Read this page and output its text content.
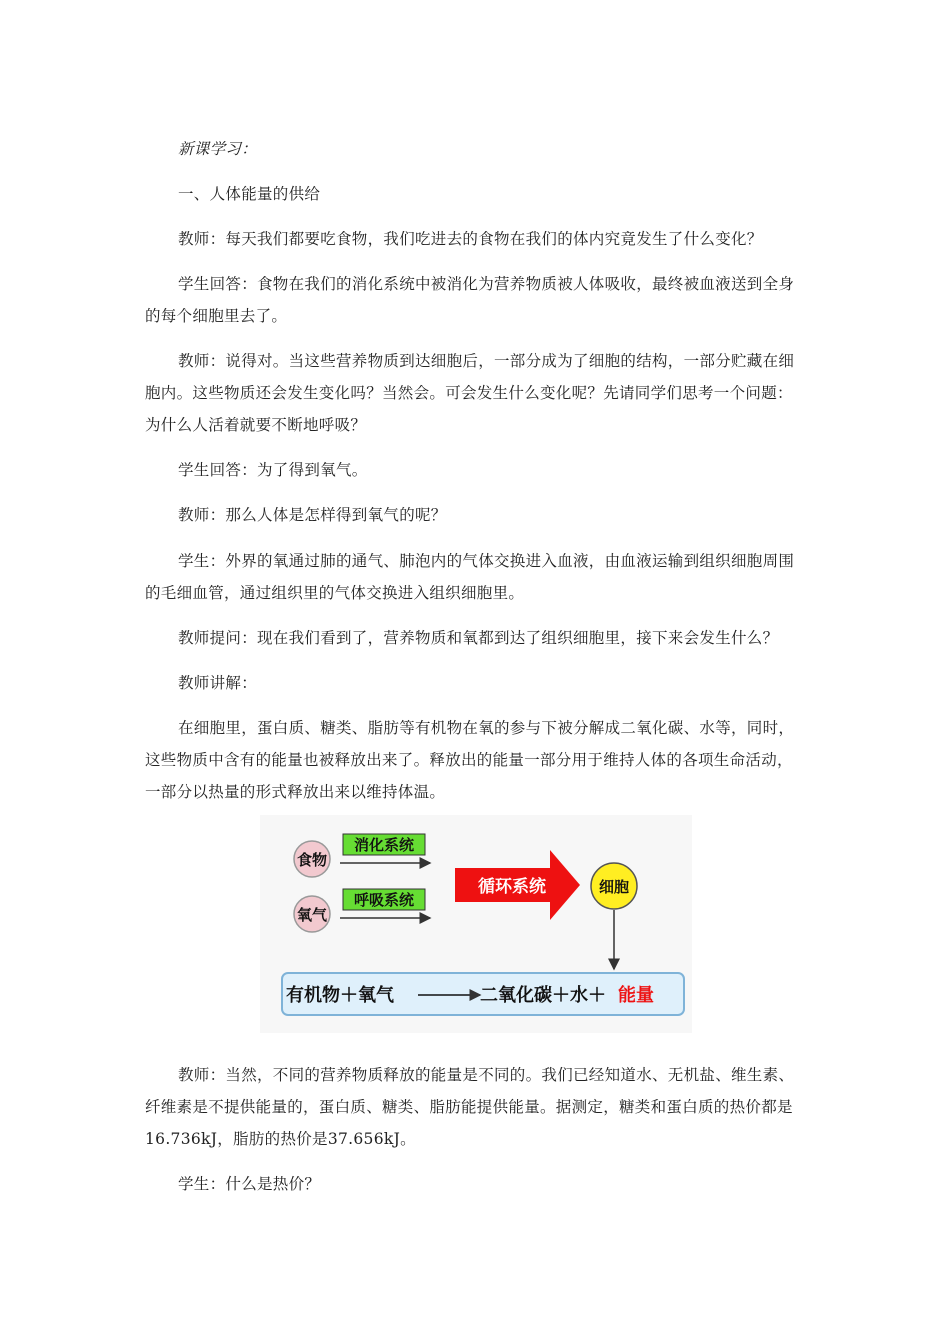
新课学习：

一、人体能量的供给

教师：每天我们都要吃食物，我们吃进去的食物在我们的体内究竟发生了什么变化？

学生回答：食物在我们的消化系统中被消化为营养物质被人体吸收，最终被血液送到全身的每个细胞里去了。

教师：说得对。当这些营养物质到达细胞后，一部分成为了细胞的结构，一部分贮藏在细胞内。这些物质还会发生变化吗？当然会。可会发生什么变化呢？先请同学们思考一个问题：为什么人活着就要不断地呼吸？

学生回答：为了得到氧气。

教师：那么人体是怎样得到氧气的呢？

学生：外界的氧通过肺的通气、肺泡内的气体交换进入血液，由血液运输到组织细胞周围的毛细血管，通过组织里的气体交换进入组织细胞里。

教师提问：现在我们看到了，营养物质和氧都到达了组织细胞里，接下来会发生什么？

教师讲解：

在细胞里，蛋白质、糖类、脂肪等有机物在氧的参与下被分解成二氧化碳、水等，同时，这些物质中含有的能量也被释放出来了。释放出的能量一部分用于维持人体的各项生命活动，一部分以热量的形式释放出来以维持体温。

食物
氧气
消化系统
呼吸系统
循环系统	细胞
有机物＋氧气	二氧化碳＋水＋ 能量

教师：当然，不同的营养物质释放的能量是不同的。我们已经知道水、无机盐、维生素、纤维素是不提供能量的，蛋白质、糖类、脂肪能提供能量。据测定，糖类和蛋白质的热价都是16.736kJ，脂肪的热价是37.656kJ。

学生：什么是热价？
